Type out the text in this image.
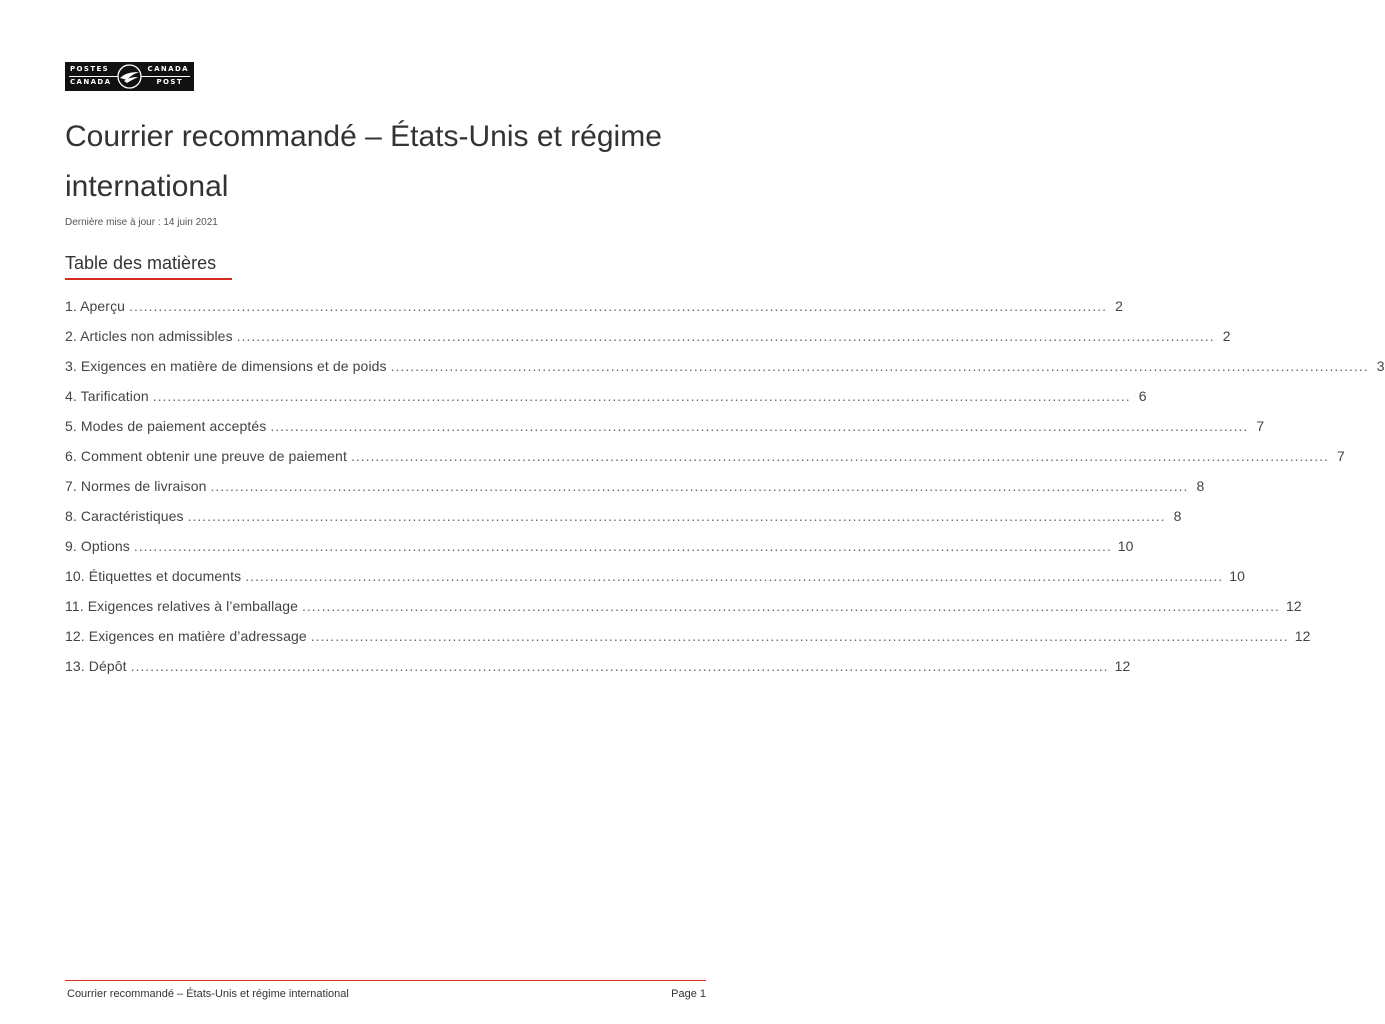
POSTES	CANADA
CANADA	POST
Courrier recommandé – États-Unis et régime international
Dernière mise à jour : 14 juin 2021
Table des matières
1. Aperçu ........................................................................................................................................................................................................ 2
2. Articles non admissibles ........................................................................................................................................................................................................ 2
3. Exigences en matière de dimensions et de poids ........................................................................................................................................................................................................ 3
4. Tarification ........................................................................................................................................................................................................ 6
5. Modes de paiement acceptés ........................................................................................................................................................................................................ 7
6. Comment obtenir une preuve de paiement ........................................................................................................................................................................................................ 7
7. Normes de livraison ........................................................................................................................................................................................................ 8
8. Caractéristiques ........................................................................................................................................................................................................ 8
9. Options ........................................................................................................................................................................................................ 10
10. Étiquettes et documents ........................................................................................................................................................................................................ 10
11. Exigences relatives à l’emballage ........................................................................................................................................................................................................ 12
12. Exigences en matière d’adressage ........................................................................................................................................................................................................ 12
13. Dépôt ........................................................................................................................................................................................................ 12
Courrier recommandé – États-Unis et régime international	Page 1
